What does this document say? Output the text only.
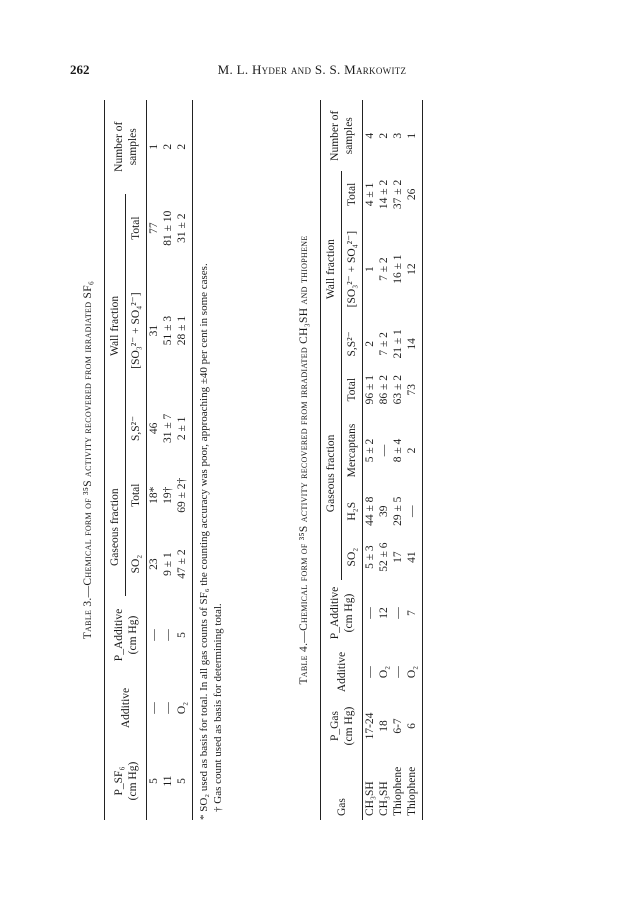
262	M. L. Hyder and S. S. Markowitz
Table 3.—Chemical form of ³⁵S activity recovered from irradiated SF₆
P_SF₆ (cm Hg)	Additive	P_Additive (cm Hg)	Gaseous fraction		Wall fraction			Number of samples
			SO₂	Total	S,S²⁻	[SO₃²⁻ + SO₄²⁻]	Total	

5	—	—	23	18*	46	31	77	1
11	—	—	9 ± 1	19†	31 ± 7	51 ± 3	81 ± 10	2
5	O₂	5	47 ± 2	69 ± 2†	2 ± 1	28 ± 1	31 ± 2	2
* SO₂ used as basis for total. In all gas counts of SF₆ the counting accuracy was poor, approaching ±40 per cent in some cases. † Gas count used as basis for determining total.
Table 4.—Chemical form of ³⁵S activity recovered from irradiated CH₃SH and thiophene
Gas	P_Gas (cm Hg)	Additive	P_Additive (cm Hg)	Gaseous fraction				Wall fraction			Number of samples
				SO₂	H₂S	Mercaptans	Total	S,S²⁻	[SO₃²⁻ + SO₄²⁻]	Total	

CH₃SH	17-24	—	—	5 ± 3	44 ± 8	5 ± 2	96 ± 1	2	1	4 ± 1	4
CH₃SH	18	O₂	12	52 ± 6	39	—	86 ± 2	7 ± 2	7 ± 2	14 ± 2	2
Thiophene	6-7	—	—	17	29 ± 5	8 ± 4	63 ± 2	21 ± 1	16 ± 1	37 ± 2	3
Thiophene	6	O₂	7	41	—	2	73	14	12	26	1
